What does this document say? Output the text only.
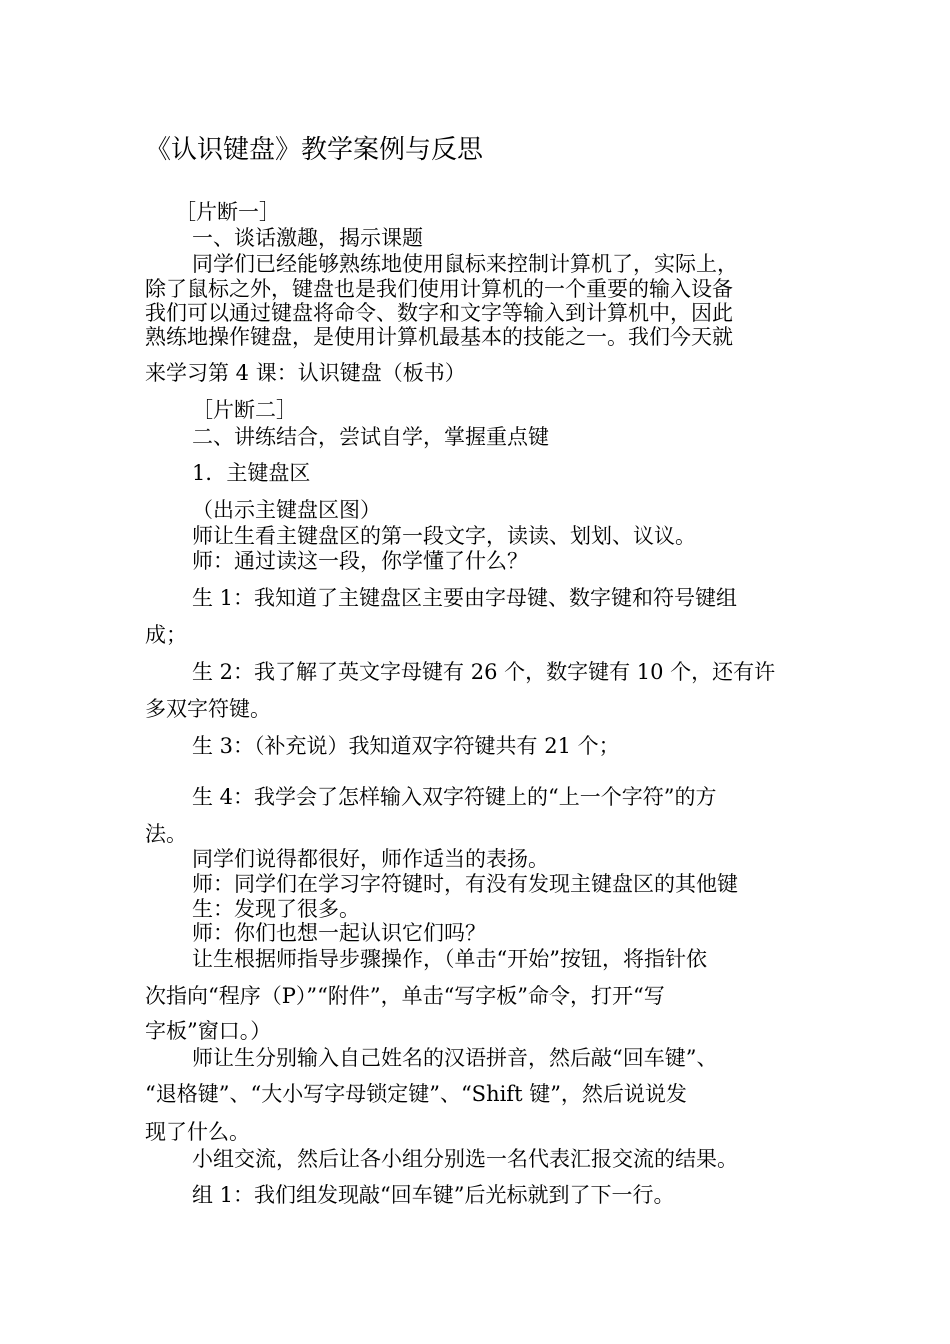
《认识键盘》教学案例与反思
［片断一］
一、谈话激趣，揭示课题
同学们已经能够熟练地使用鼠标来控制计算机了，实际上，
除了鼠标之外，键盘也是我们使用计算机的一个重要的输入设备
我们可以通过键盘将命令、数字和文字等输入到计算机中，因此
熟练地操作键盘，是使用计算机最基本的技能之一。我们今天就
来学习第 4 课：认识键盘（板书）
［片断二］
二、讲练结合，尝试自学，掌握重点键
1．主键盘区
（出示主键盘区图）
师让生看主键盘区的第一段文字，读读、划划、议议。
师：通过读这一段，你学懂了什么？
生 1：我知道了主键盘区主要由字母键、数字键和符号键组
成；
生 2：我了解了英文字母键有 26 个，数字键有 10 个，还有许
多双字符键。
生 3：（补充说）我知道双字符键共有 21 个；
生 4：我学会了怎样输入双字符键上的“上一个字符”的方
法。
同学们说得都很好，师作适当的表扬。
师：同学们在学习字符键时，有没有发现主键盘区的其他键
生：发现了很多。
师：你们也想一起认识它们吗？
让生根据师指导步骤操作，（单击“开始”按钮，将指针依
次指向“程序（P）”“附件”，单击“写字板”命令，打开“写
字板”窗口。）
师让生分别输入自己姓名的汉语拼音，然后敲“回车键”、
“退格键”、“大小写字母锁定键”、“Shift 键”，然后说说发
现了什么。
小组交流，然后让各小组分别选一名代表汇报交流的结果。
组 1：我们组发现敲“回车键”后光标就到了下一行。
